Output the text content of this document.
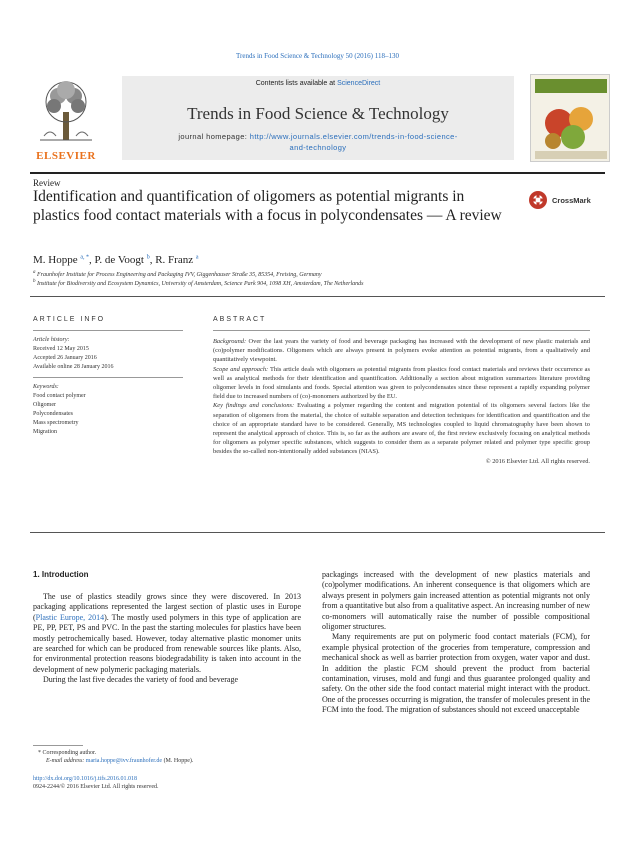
Trends in Food Science & Technology 50 (2016) 118–130
ELSEVIER
Contents lists available at ScienceDirect
Trends in Food Science & Technology
journal homepage: http://www.journals.elsevier.com/trends-in-food-science-
and-technology
Review
Identification and quantification of oligomers as potential migrants in plastics food contact materials with a focus in polycondensates — A review
CrossMark
M. Hoppe $^{a, *}$, P. de Voogt $^b$, R. Franz $^a$
$^a$ Fraunhofer Institute for Process Engineering and Packaging IVV, Giggenhauser Straße 35, 85354, Freising, Germany
$^b$ Institute for Biodiversity and Ecosystem Dynamics, University of Amsterdam, Science Park 904, 1098 XH, Amsterdam, The Netherlands
ARTICLE INFO	ABSTRACT
Article history:
Received 12 May 2015
Accepted 26 January 2016
Available online 28 January 2016
Keywords:
Food contact polymer
Oligomer
Polycondensates
Mass spectrometry
Migration

Background: Over the last years the variety of food and beverage packaging has increased with the development of new plastic materials and (co)polymer modifications. Oligomers which are always present in polymers evoke attention as potential migrants, from a qualitatively and quantitatively viewpoint.

Scope and approach: This article deals with oligomers as potential migrants from plastics food contact materials and reviews their occurrence as well as analytical methods for their identification and quantification. Additionally a section about migration summarizes literature providing oligomer levels in food simulants and foods. Special attention was given to polycondensates since these represent a rapidly expanding polymer field due to increased numbers of (co)-monomers authorized by the EU.

Key findings and conclusions: Evaluating a polymer regarding the content and migration potential of its oligomers several factors like the separation of oligomers from the material, the choice of suitable separation and detection techniques for identification and quantification and the choice of an appropriate standard have to be considered. Generally, MS technologies coupled to liquid chromatography have been shown to represent the analytical approach of choice. This is, so far as the authors are aware of, the first review exclusively focusing on analytical methods for oligomers as polymer specific substances, which suggests to consider them as a separate polymer related and polymer type specific group besides the so-called non-intentionally added substances (NIAS).

© 2016 Elsevier Ltd. All rights reserved.

1. Introduction

The use of plastics steadily grows since they were discovered. In 2013 packaging applications represented the largest section of plastic uses in Europe (Plastic Europe, 2014). The mostly used polymers in this type of application are PE, PP, PET, PS and PVC. In the past the starting molecules for plastics have been mostly petrochemically based. However, today alternative plastic monomer units are searched for which can be produced from renewable sources like plants. Also, for environmental protection reasons biodegradability is taken into account in the development of new polymeric packaging materials.

During the last five decades the variety of food and beverage

packagings increased with the development of new plastics materials and (co)polymer modifications. An inherent consequence is that oligomers which are always present in polymers gain increased attention as potential migrants not only from a quantitative but also from a qualitative aspect. An increasing number of new co-monomers will automatically raise the number of possible compositional oligomer structures.

Many requirements are put on polymeric food contact materials (FCM), for example physical protection of the groceries from temperature, compression and mechanical shock as well as barrier protection from oxygen, water vapor and dust. In addition the plastic FCM should prevent the product from bacterial contamination, viruses, mold and fungi and thus guarantee prolonged quality and safety. On the other side the food contact material might interact with the product. One of the processes occurring is migration, the transfer of molecules present in the FCM into the food. The migration of substances should not exceed unacceptable

* Corresponding author.
E-mail address: maria.hoppe@ivv.fraunhofer.de (M. Hoppe).
http://dx.doi.org/10.1016/j.tifs.2016.01.018
0924-2244/© 2016 Elsevier Ltd. All rights reserved.
